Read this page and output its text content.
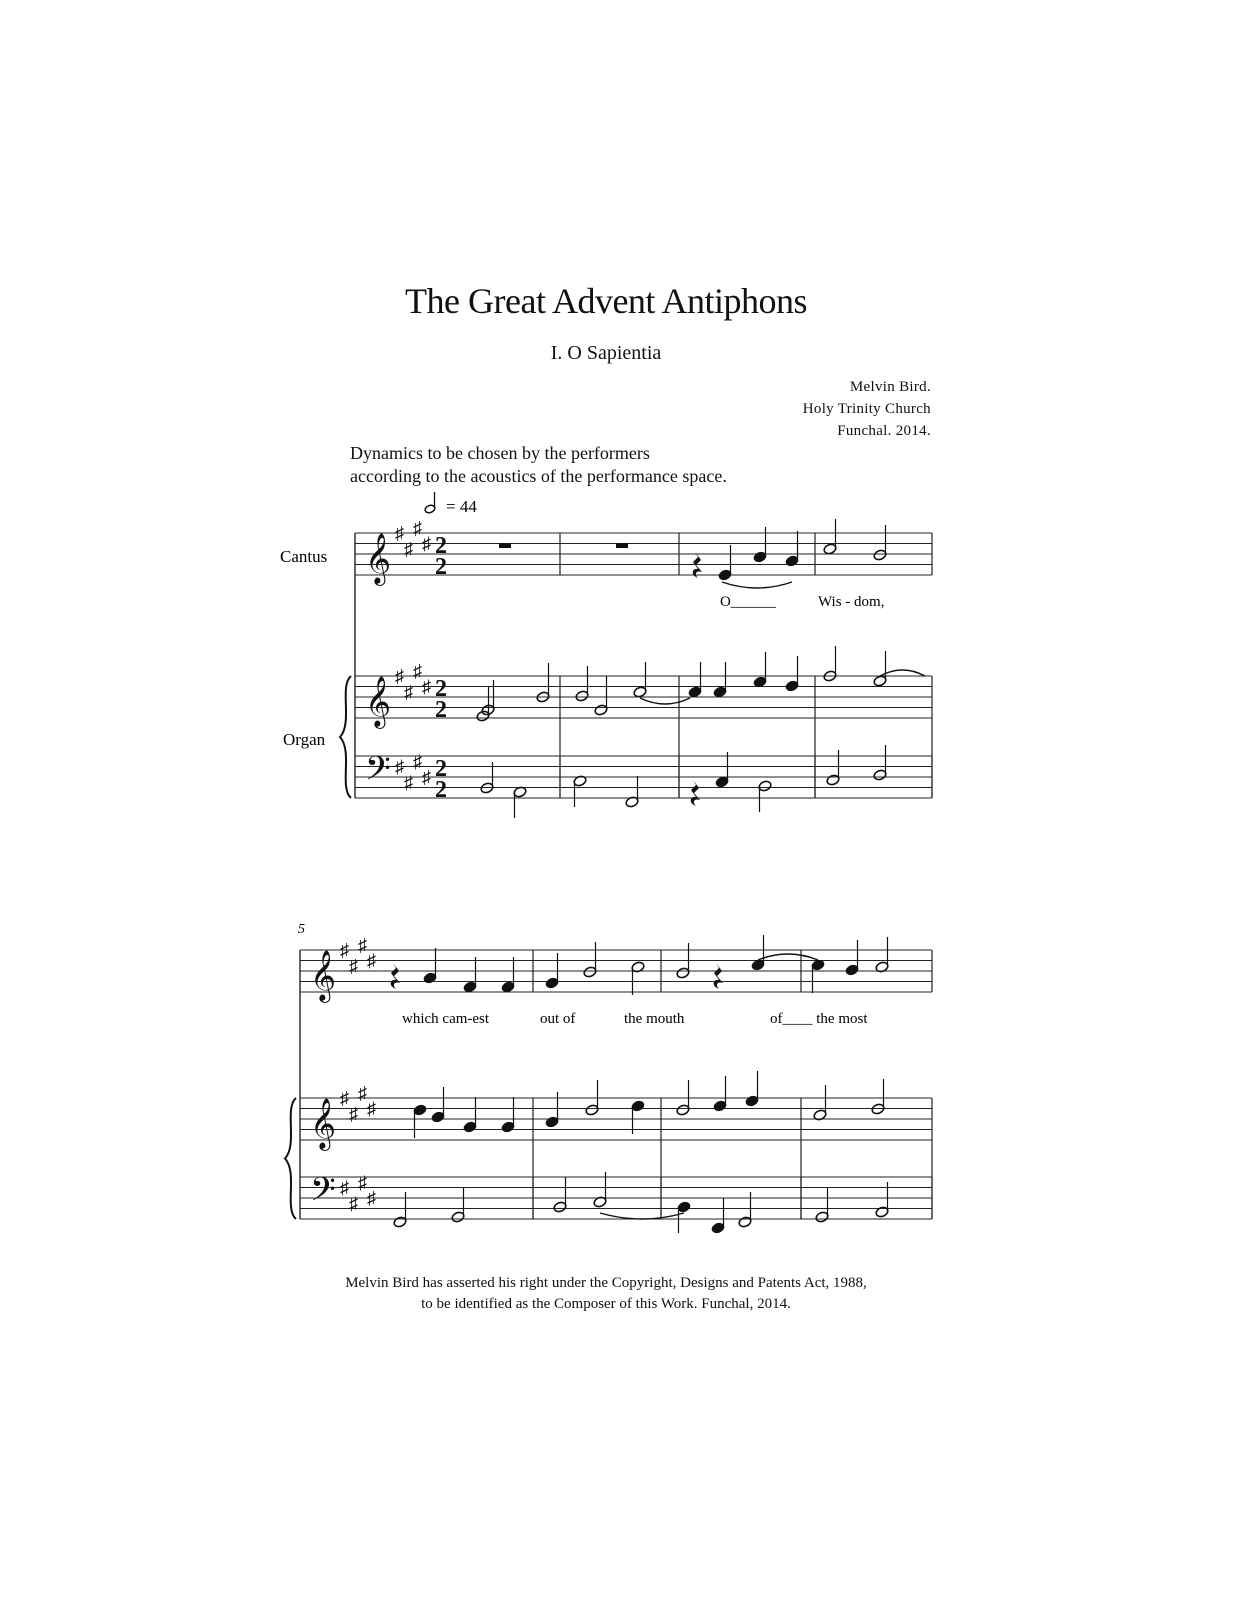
The Great Advent Antiphons
I. O Sapientia
Melvin Bird.
Holy Trinity Church
Funchal. 2014.
Dynamics to be chosen by the performers
according to the acoustics of the performance space.
= 44
Cantus
Organ
5
𝄞
𝄞
𝄢
𝄞
𝄞
𝄢
♯
♯
♯
♯
♯
♯
♯
♯
♯
♯
♯
♯
♯
♯
♯
♯
♯
♯
♯
♯
♯
♯
♯
♯
2
2
2
2
2
2
O______	Wis - dom,
which cam-est	out of	the mouth	of____ the most
Melvin Bird has asserted his right under the Copyright, Designs and Patents Act, 1988,
to be identified as the Composer of this Work. Funchal, 2014.
